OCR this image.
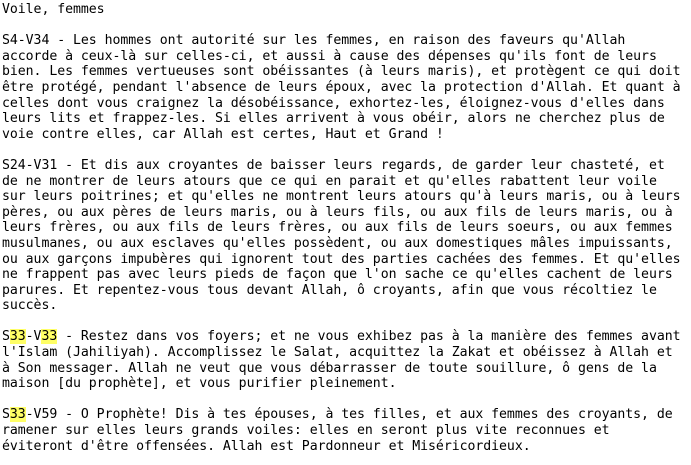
Voile, femmes
S4-V34 - Les hommes ont autorité sur les femmes, en raison des faveurs qu'Allah
accorde à ceux-là sur celles-ci, et aussi à cause des dépenses qu'ils font de leurs
bien. Les femmes vertueuses sont obéissantes (à leurs maris), et protègent ce qui doit
être protégé, pendant l'absence de leurs époux, avec la protection d'Allah. Et quant à
celles dont vous craignez la désobéissance, exhortez-les, éloignez-vous d'elles dans
leurs lits et frappez-les. Si elles arrivent à vous obéir, alors ne cherchez plus de
voie contre elles, car Allah est certes, Haut et Grand !
S24-V31 - Et dis aux croyantes de baisser leurs regards, de garder leur chasteté, et
de ne montrer de leurs atours que ce qui en parait et qu'elles rabattent leur voile
sur leurs poitrines; et qu'elles ne montrent leurs atours qu'à leurs maris, ou à leurs
pères, ou aux pères de leurs maris, ou à leurs fils, ou aux fils de leurs maris, ou à
leurs frères, ou aux fils de leurs frères, ou aux fils de leurs soeurs, ou aux femmes
musulmanes, ou aux esclaves qu'elles possèdent, ou aux domestiques mâles impuissants,
ou aux garçons impubères qui ignorent tout des parties cachées des femmes. Et qu'elles
ne frappent pas avec leurs pieds de façon que l'on sache ce qu'elles cachent de leurs
parures. Et repentez-vous tous devant Allah, ô croyants, afin que vous récoltiez le
succès.
S33-V33 - Restez dans vos foyers; et ne vous exhibez pas à la manière des femmes avant
l'Islam (Jahiliyah). Accomplissez le Salat, acquittez la Zakat et obéissez à Allah et
à Son messager. Allah ne veut que vous débarrasser de toute souillure, ô gens de la
maison [du prophète], et vous purifier pleinement.
S33-V59 - O Prophète! Dis à tes épouses, à tes filles, et aux femmes des croyants, de
ramener sur elles leurs grands voiles: elles en seront plus vite reconnues et
éviteront d'être offensées. Allah est Pardonneur et Miséricordieux.
